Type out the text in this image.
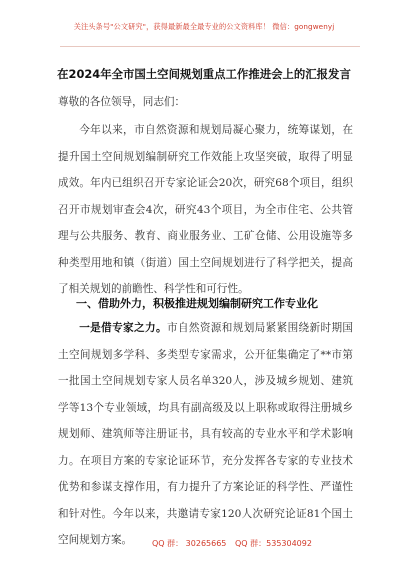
关注头条号"公文研究"，获得最新最全最专业的公文资料库！ 微信：gongwenyj
在2024年全市国土空间规划重点工作推进会上的汇报发言
尊敬的各位领导，同志们：

今年以来，市自然资源和规划局凝心聚力，统筹谋划，在提升国土空间规划编制研究工作效能上攻坚突破，取得了明显成效。年内已组织召开专家论证会20次，研究68个项目，组织召开市规划审查会4次，研究43个项目，为全市住宅、公共管理与公共服务、教育、商业服务业、工矿仓储、公用设施等多种类型用地和镇（街道）国土空间规划进行了科学把关，提高了相关规划的前瞻性、科学性和可行性。

一、借助外力，积极推进规划编制研究工作专业化

一是借专家之力。市自然资源和规划局紧紧围绕新时期国土空间规划多学科、多类型专家需求，公开征集确定了**市第一批国土空间规划专家人员名单320人，涉及城乡规划、建筑学等13个专业领域，均具有副高级及以上职称或取得注册城乡规划师、建筑师等注册证书，具有较高的专业水平和学术影响力。在项目方案的专家论证环节，充分发挥各专家的专业技术优势和参谋支撑作用，有力提升了方案论证的科学性、严谨性和针对性。今年以来，共邀请专家120人次研究论证81个国土空间规划方案。	QQ 群： 30265665 QQ 群：535304092
